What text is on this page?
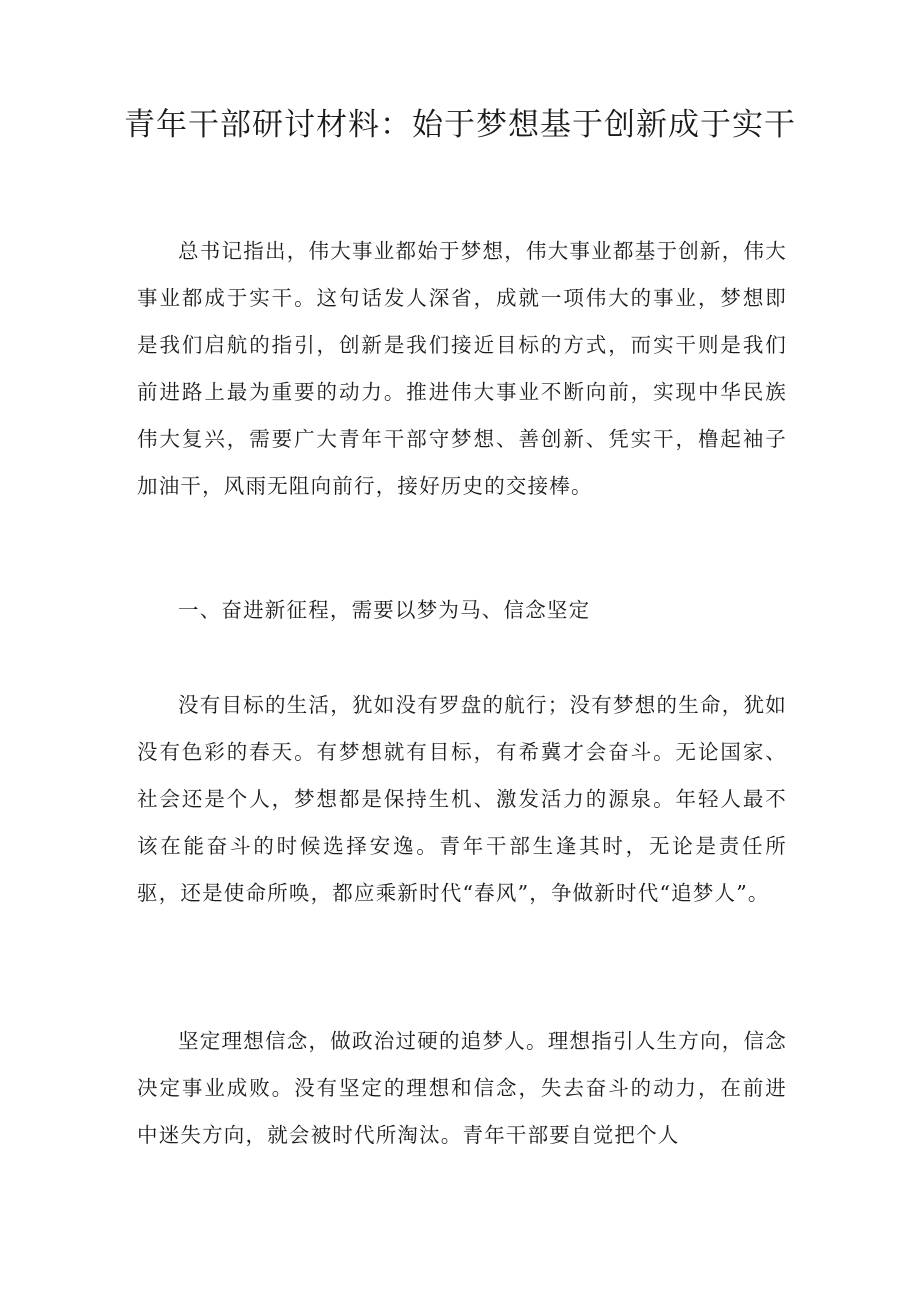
青年干部研讨材料：始于梦想基于创新成于实干

总书记指出，伟大事业都始于梦想，伟大事业都基于创新，伟大事业都成于实干。这句话发人深省，成就一项伟大的事业，梦想即是我们启航的指引，创新是我们接近目标的方式，而实干则是我们前进路上最为重要的动力。推进伟大事业不断向前，实现中华民族伟大复兴，需要广大青年干部守梦想、善创新、凭实干，橹起袖子加油干，风雨无阻向前行，接好历史的交接棒。

一、奋进新征程，需要以梦为马、信念坚定

没有目标的生活，犹如没有罗盘的航行；没有梦想的生命，犹如没有色彩的春天。有梦想就有目标，有希冀才会奋斗。无论国家、社会还是个人，梦想都是保持生机、激发活力的源泉。年轻人最不该在能奋斗的时候选择安逸。青年干部生逢其时，无论是责任所驱，还是使命所唤，都应乘新时代“春风”，争做新时代“追梦人”。

坚定理想信念，做政治过硬的追梦人。理想指引人生方向，信念决定事业成败。没有坚定的理想和信念，失去奋斗的动力，在前进中迷失方向，就会被时代所淘汰。青年干部要自觉把个人
